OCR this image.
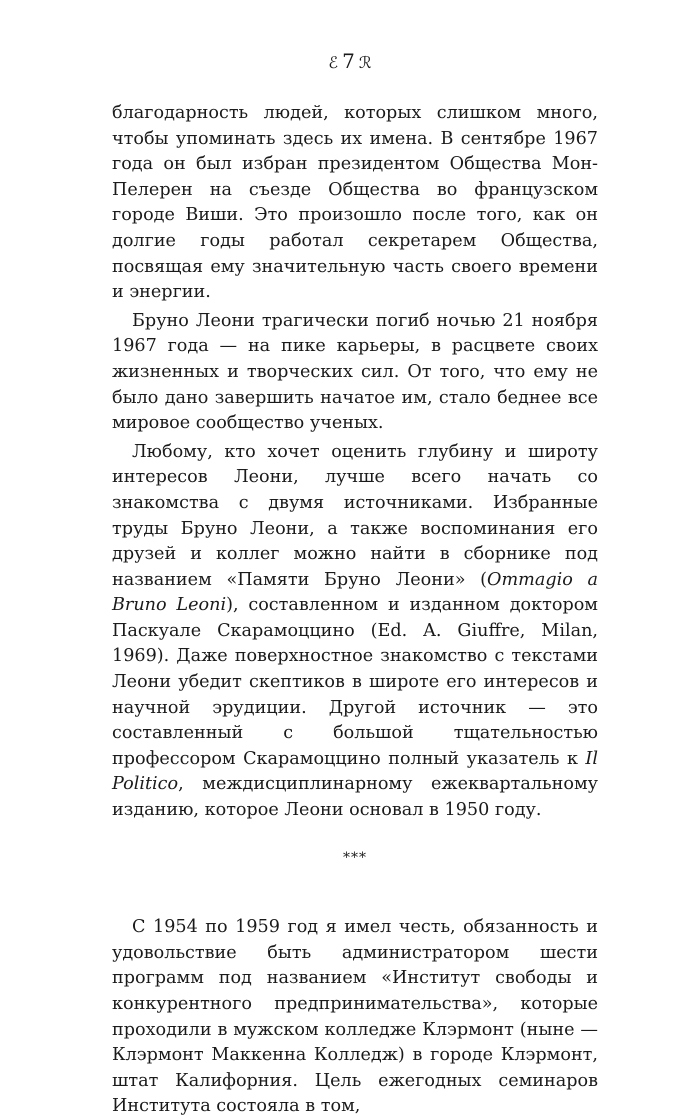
ℰ 7 ℛ

благодарность людей, которых слишком много, чтобы упоминать здесь их имена. В сентябре 1967 года он был избран президентом Общества Мон-Пелерен на съезде Общества во французском городе Виши. Это произошло после того, как он долгие годы работал секретарем Общества, посвящая ему значительную часть своего времени и энергии.

Бруно Леони трагически погиб ночью 21 ноября 1967 года — на пике карьеры, в расцвете своих жизненных и творческих сил. От того, что ему не было дано завершить начатое им, стало беднее все мировое сообщество ученых.

Любому, кто хочет оценить глубину и широту интересов Леони, лучше всего начать со знакомства с двумя источниками. Избранные труды Бруно Леони, а также воспоминания его друзей и коллег можно найти в сборнике под названием «Памяти Бруно Леони» (Ommagio a Bruno Leoni), составленном и изданном доктором Паскуале Скарамоццино (Ed. A. Giuffre, Milan, 1969). Даже поверхностное знакомство с текстами Леони убедит скептиков в широте его интересов и научной эрудиции. Другой источник — это составленный с большой тщательностью профессором Скарамоццино полный указатель к Il Politico, междисциплинарному ежеквартальному изданию, которое Леони основал в 1950 году.

***

С 1954 по 1959 год я имел честь, обязанность и удовольствие быть администратором шести программ под названием «Институт свободы и конкурентного предпринимательства», которые проходили в мужском колледже Клэрмонт (ныне — Клэрмонт Маккенна Колледж) в городе Клэрмонт, штат Калифорния. Цель ежегодных семинаров Института состояла в том,
